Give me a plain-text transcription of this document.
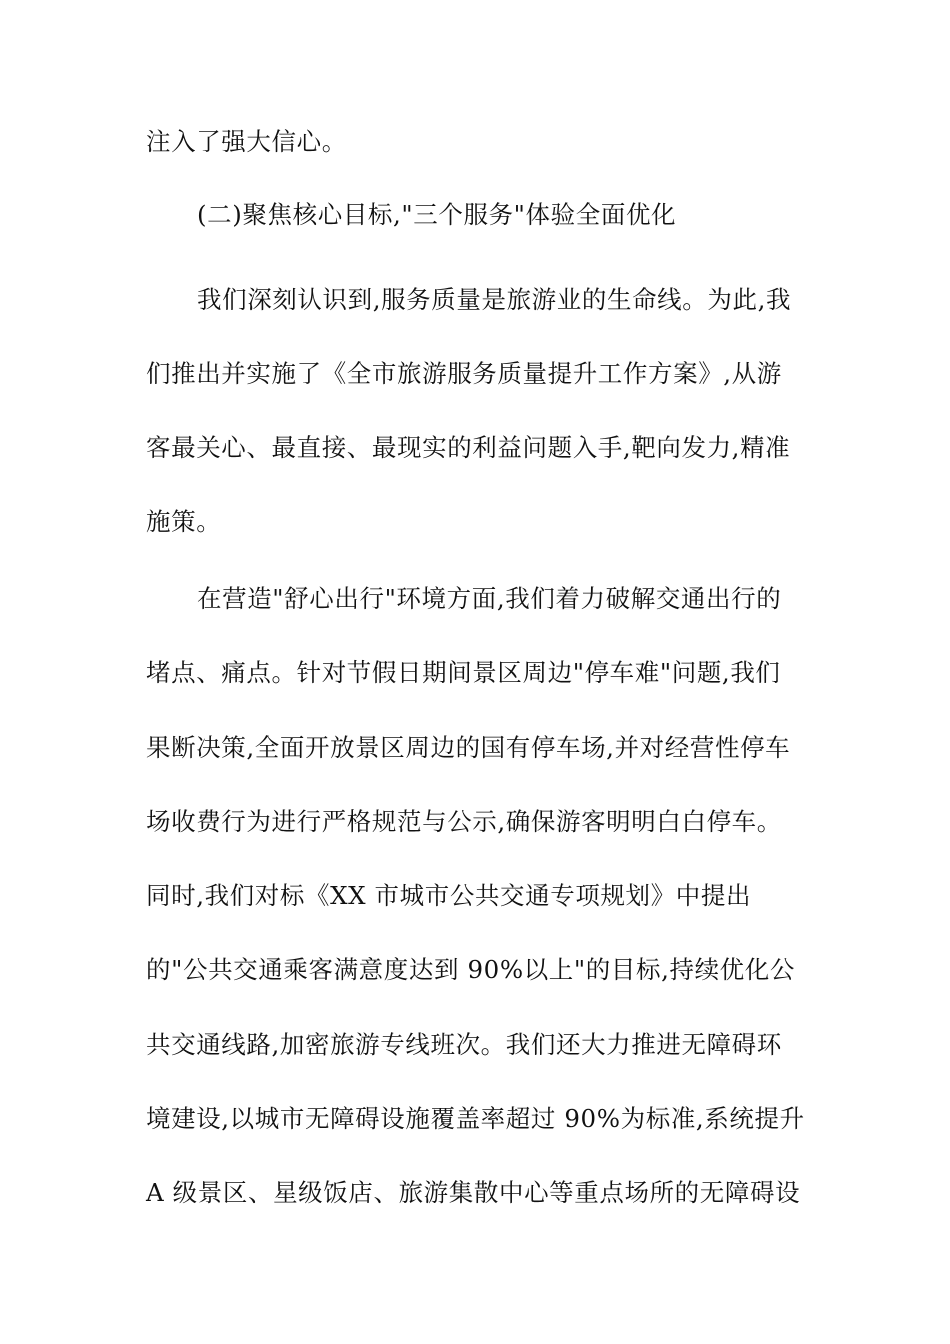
注入了强大信心。
(二)聚焦核心目标,"三个服务"体验全面优化
我们深刻认识到,服务质量是旅游业的生命线。为此,我
们推出并实施了《全市旅游服务质量提升工作方案》,从游
客最关心、最直接、最现实的利益问题入手,靶向发力,精准
施策。
在营造"舒心出行"环境方面,我们着力破解交通出行的
堵点、痛点。针对节假日期间景区周边"停车难"问题,我们
果断决策,全面开放景区周边的国有停车场,并对经营性停车
场收费行为进行严格规范与公示,确保游客明明白白停车。
同时,我们对标《XX 市城市公共交通专项规划》中提出
的"公共交通乘客满意度达到 90%以上"的目标,持续优化公
共交通线路,加密旅游专线班次。我们还大力推进无障碍环
境建设,以城市无障碍设施覆盖率超过 90%为标准,系统提升
A 级景区、星级饭店、旅游集散中心等重点场所的无障碍设
